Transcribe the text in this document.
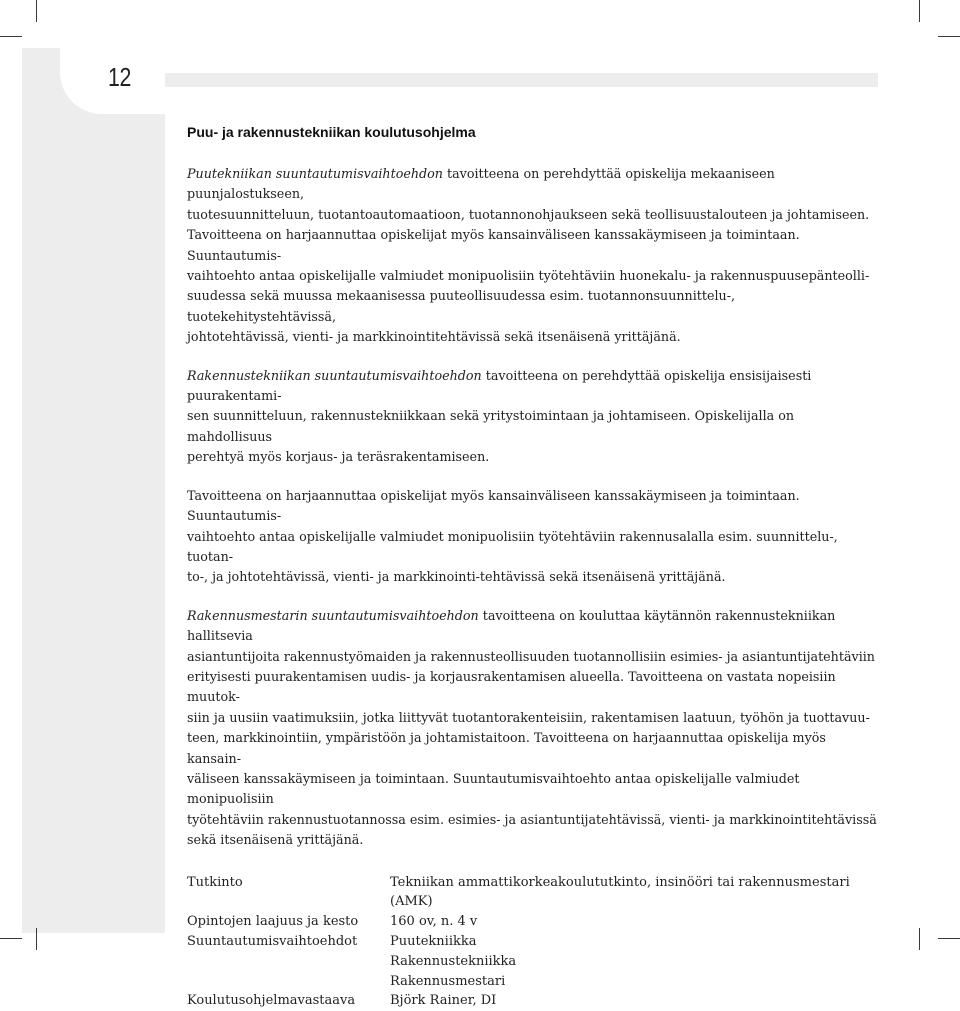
12
Puu- ja rakennustekniikan koulutusohjelma

Puutekniikan suuntautumisvaihtoehdon tavoitteena on perehdyttää opiskelija mekaaniseen puunjalostukseen,
tuotesuunnitteluun, tuotantoautomaatioon, tuotannonohjaukseen sekä teollisuustalouteen ja johtamiseen.
Tavoitteena on harjaannuttaa opiskelijat myös kansainväliseen kanssakäymiseen ja toimintaan. Suuntautumis-
vaihtoehto antaa opiskelijalle valmiudet monipuolisiin työtehtäviin huonekalu- ja rakennuspuusepänteolli-
suudessa sekä muussa mekaanisessa puuteollisuudessa esim. tuotannonsuunnittelu-, tuotekehitystehtävissä,
johtotehtävissä, vienti- ja markkinointitehtävissä sekä itsenäisenä yrittäjänä.

Rakennustekniikan suuntautumisvaihtoehdon tavoitteena on perehdyttää opiskelija ensisijaisesti puurakentami-
sen suunnitteluun, rakennustekniikkaan sekä yritystoimintaan ja johtamiseen. Opiskelijalla on mahdollisuus
perehtyä myös korjaus- ja teräsrakentamiseen.

Tavoitteena on harjaannuttaa opiskelijat myös kansainväliseen kanssakäymiseen ja toimintaan. Suuntautumis-
vaihtoehto antaa opiskelijalle valmiudet monipuolisiin työtehtäviin rakennusalalla esim. suunnittelu-, tuotan-
to-, ja johtotehtävissä, vienti- ja markkinointi-tehtävissä sekä itsenäisenä yrittäjänä.

Rakennusmestarin suuntautumisvaihtoehdon tavoitteena on kouluttaa käytännön rakennustekniikan hallitsevia
asiantuntijoita rakennustyömaiden ja rakennusteollisuuden tuotannollisiin esimies- ja asiantuntijatehtäviin
erityisesti puurakentamisen uudis- ja korjausrakentamisen alueella. Tavoitteena on vastata nopeisiin muutok-
siin ja uusiin vaatimuksiin, jotka liittyvät tuotantorakenteisiin, rakentamisen laatuun, työhön ja tuottavuu-
teen, markkinointiin, ympäristöön ja johtamistaitoon. Tavoitteena on harjaannuttaa opiskelija myös kansain-
väliseen kanssakäymiseen ja toimintaan. Suuntautumisvaihtoehto antaa opiskelijalle valmiudet monipuolisiin
työtehtäviin rakennustuotannossa esim. esimies- ja asiantuntijatehtävissä, vienti- ja markkinointitehtävissä
sekä itsenäisenä yrittäjänä.

Tutkinto	Tekniikan ammattikorkeakoulututkinto, insinööri tai rakennusmestari (AMK)
Opintojen laajuus ja kesto	160 ov, n. 4 v
Suuntautumisvaihtoehdot	Puutekniikka
Rakennustekniikka
Rakennusmestari
Koulutusohjelmavastaava	Björk Rainer, DI
